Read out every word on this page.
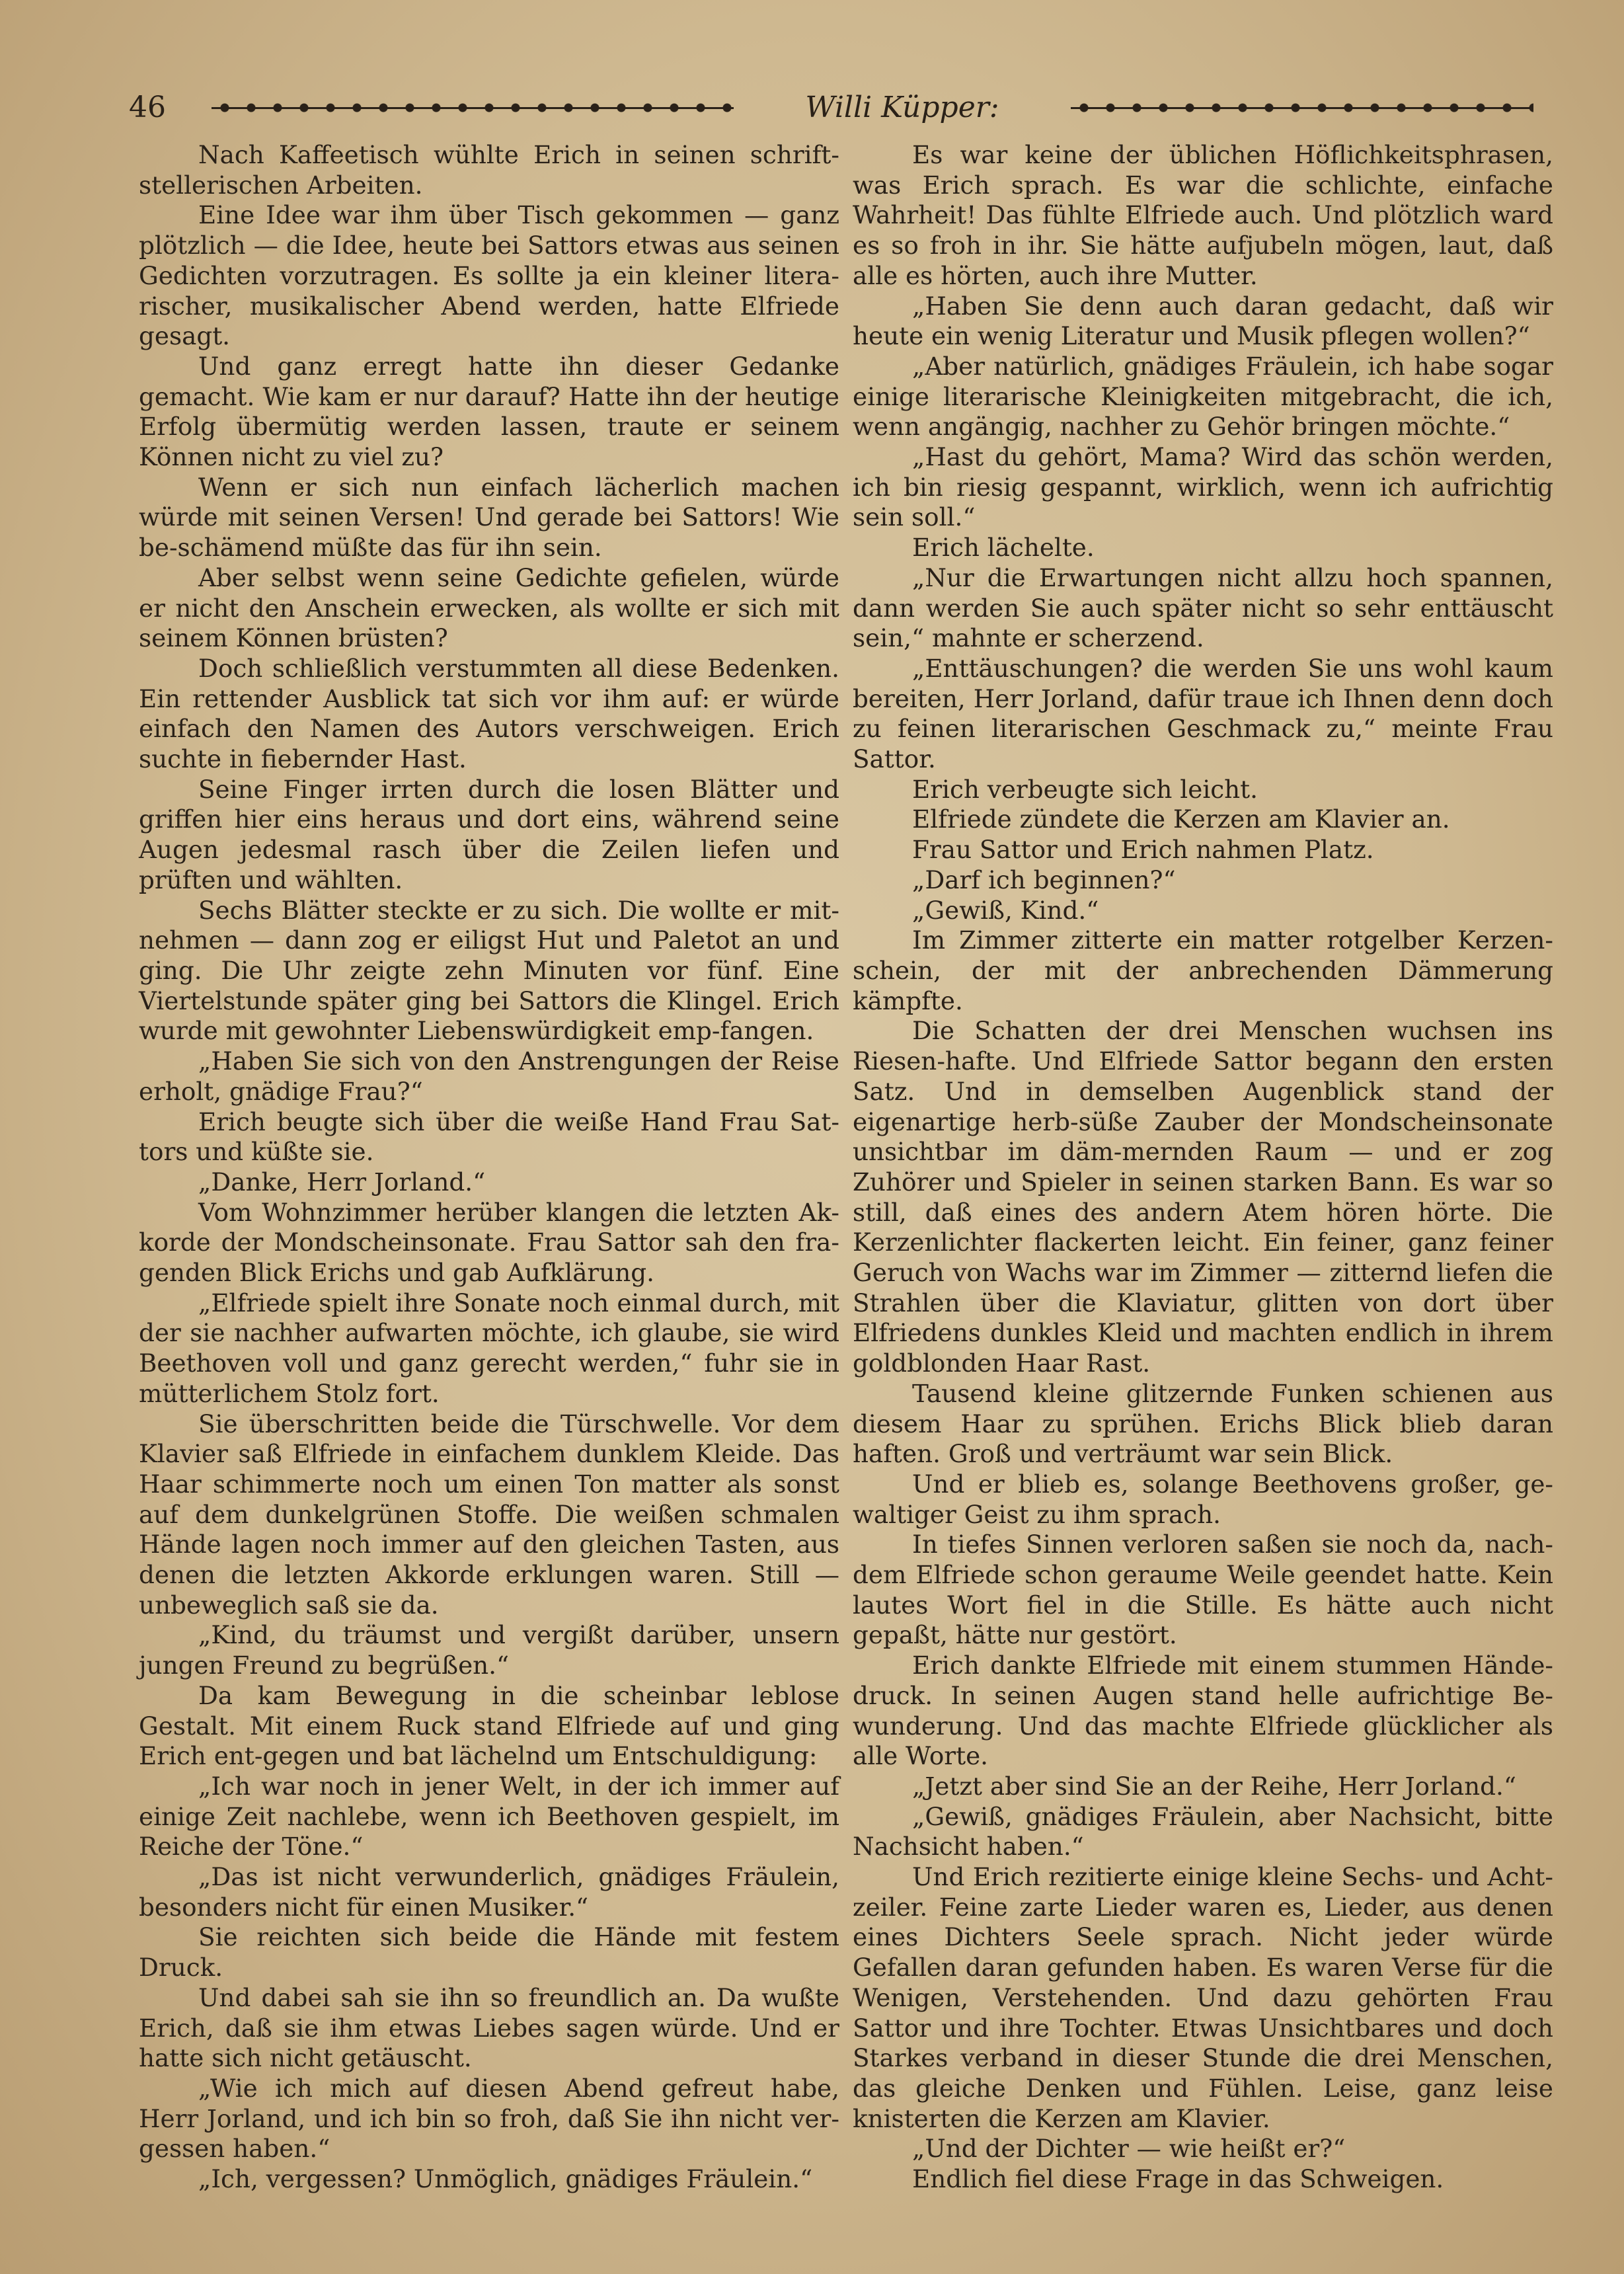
46	Willi Küpper:

Nach Kaffeetisch wühlte Erich in seinen schrift-stellerischen Arbeiten.

Eine Idee war ihm über Tisch gekommen — ganz plötzlich — die Idee, heute bei Sattors etwas aus seinen Gedichten vorzutragen. Es sollte ja ein kleiner litera-rischer, musikalischer Abend werden, hatte Elfriede gesagt.

Und ganz erregt hatte ihn dieser Gedanke gemacht. Wie kam er nur darauf? Hatte ihn der heutige Erfolg übermütig werden lassen, traute er seinem Können nicht zu viel zu?

Wenn er sich nun einfach lächerlich machen würde mit seinen Versen! Und gerade bei Sattors! Wie be-schämend müßte das für ihn sein.

Aber selbst wenn seine Gedichte gefielen, würde er nicht den Anschein erwecken, als wollte er sich mit seinem Können brüsten?

Doch schließlich verstummten all diese Bedenken. Ein rettender Ausblick tat sich vor ihm auf: er würde einfach den Namen des Autors verschweigen. Erich suchte in fiebernder Hast.

Seine Finger irrten durch die losen Blätter und griffen hier eins heraus und dort eins, während seine Augen jedesmal rasch über die Zeilen liefen und prüften und wählten.

Sechs Blätter steckte er zu sich. Die wollte er mit-nehmen — dann zog er eiligst Hut und Paletot an und ging. Die Uhr zeigte zehn Minuten vor fünf. Eine Viertelstunde später ging bei Sattors die Klingel. Erich wurde mit gewohnter Liebenswürdigkeit emp-fangen.

„Haben Sie sich von den Anstrengungen der Reise erholt, gnädige Frau?“

Erich beugte sich über die weiße Hand Frau Sat-tors und küßte sie.

„Danke, Herr Jorland.“

Vom Wohnzimmer herüber klangen die letzten Ak-korde der Mondscheinsonate. Frau Sattor sah den fra-genden Blick Erichs und gab Aufklärung.

„Elfriede spielt ihre Sonate noch einmal durch, mit der sie nachher aufwarten möchte, ich glaube, sie wird Beethoven voll und ganz gerecht werden,“ fuhr sie in mütterlichem Stolz fort.

Sie überschritten beide die Türschwelle. Vor dem Klavier saß Elfriede in einfachem dunklem Kleide. Das Haar schimmerte noch um einen Ton matter als sonst auf dem dunkelgrünen Stoffe. Die weißen schmalen Hände lagen noch immer auf den gleichen Tasten, aus denen die letzten Akkorde erklungen waren. Still — unbeweglich saß sie da.

„Kind, du träumst und vergißt darüber, unsern jungen Freund zu begrüßen.“

Da kam Bewegung in die scheinbar leblose Gestalt. Mit einem Ruck stand Elfriede auf und ging Erich ent-gegen und bat lächelnd um Entschuldigung:

„Ich war noch in jener Welt, in der ich immer auf einige Zeit nachlebe, wenn ich Beethoven gespielt, im Reiche der Töne.“

„Das ist nicht verwunderlich, gnädiges Fräulein, besonders nicht für einen Musiker.“

Sie reichten sich beide die Hände mit festem Druck.

Und dabei sah sie ihn so freundlich an. Da wußte Erich, daß sie ihm etwas Liebes sagen würde. Und er hatte sich nicht getäuscht.

„Wie ich mich auf diesen Abend gefreut habe, Herr Jorland, und ich bin so froh, daß Sie ihn nicht ver-gessen haben.“

„Ich, vergessen? Unmöglich, gnädiges Fräulein.“

Es war keine der üblichen Höflichkeitsphrasen, was Erich sprach. Es war die schlichte, einfache Wahrheit! Das fühlte Elfriede auch. Und plötzlich ward es so froh in ihr. Sie hätte aufjubeln mögen, laut, daß alle es hörten, auch ihre Mutter.

„Haben Sie denn auch daran gedacht, daß wir heute ein wenig Literatur und Musik pflegen wollen?“

„Aber natürlich, gnädiges Fräulein, ich habe sogar einige literarische Kleinigkeiten mitgebracht, die ich, wenn angängig, nachher zu Gehör bringen möchte.“

„Hast du gehört, Mama? Wird das schön werden, ich bin riesig gespannt, wirklich, wenn ich aufrichtig sein soll.“

Erich lächelte.

„Nur die Erwartungen nicht allzu hoch spannen, dann werden Sie auch später nicht so sehr enttäuscht sein,“ mahnte er scherzend.

„Enttäuschungen? die werden Sie uns wohl kaum bereiten, Herr Jorland, dafür traue ich Ihnen denn doch zu feinen literarischen Geschmack zu,“ meinte Frau Sattor.

Erich verbeugte sich leicht.

Elfriede zündete die Kerzen am Klavier an.

Frau Sattor und Erich nahmen Platz.

„Darf ich beginnen?“

„Gewiß, Kind.“

Im Zimmer zitterte ein matter rotgelber Kerzen-schein, der mit der anbrechenden Dämmerung kämpfte.

Die Schatten der drei Menschen wuchsen ins Riesen-hafte. Und Elfriede Sattor begann den ersten Satz. Und in demselben Augenblick stand der eigenartige herb-süße Zauber der Mondscheinsonate unsichtbar im däm-mernden Raum — und er zog Zuhörer und Spieler in seinen starken Bann. Es war so still, daß eines des andern Atem hören hörte. Die Kerzenlichter flackerten leicht. Ein feiner, ganz feiner Geruch von Wachs war im Zimmer — zitternd liefen die Strahlen über die Klaviatur, glitten von dort über Elfriedens dunkles Kleid und machten endlich in ihrem goldblonden Haar Rast.

Tausend kleine glitzernde Funken schienen aus diesem Haar zu sprühen. Erichs Blick blieb daran haften. Groß und verträumt war sein Blick.

Und er blieb es, solange Beethovens großer, ge-waltiger Geist zu ihm sprach.

In tiefes Sinnen verloren saßen sie noch da, nach-dem Elfriede schon geraume Weile geendet hatte. Kein lautes Wort fiel in die Stille. Es hätte auch nicht gepaßt, hätte nur gestört.

Erich dankte Elfriede mit einem stummen Hände-druck. In seinen Augen stand helle aufrichtige Be-wunderung. Und das machte Elfriede glücklicher als alle Worte.

„Jetzt aber sind Sie an der Reihe, Herr Jorland.“

„Gewiß, gnädiges Fräulein, aber Nachsicht, bitte Nachsicht haben.“

Und Erich rezitierte einige kleine Sechs- und Acht-zeiler. Feine zarte Lieder waren es, Lieder, aus denen eines Dichters Seele sprach. Nicht jeder würde Gefallen daran gefunden haben. Es waren Verse für die Wenigen, Verstehenden. Und dazu gehörten Frau Sattor und ihre Tochter. Etwas Unsichtbares und doch Starkes verband in dieser Stunde die drei Menschen, das gleiche Denken und Fühlen. Leise, ganz leise knisterten die Kerzen am Klavier.

„Und der Dichter — wie heißt er?“

Endlich fiel diese Frage in das Schweigen.
